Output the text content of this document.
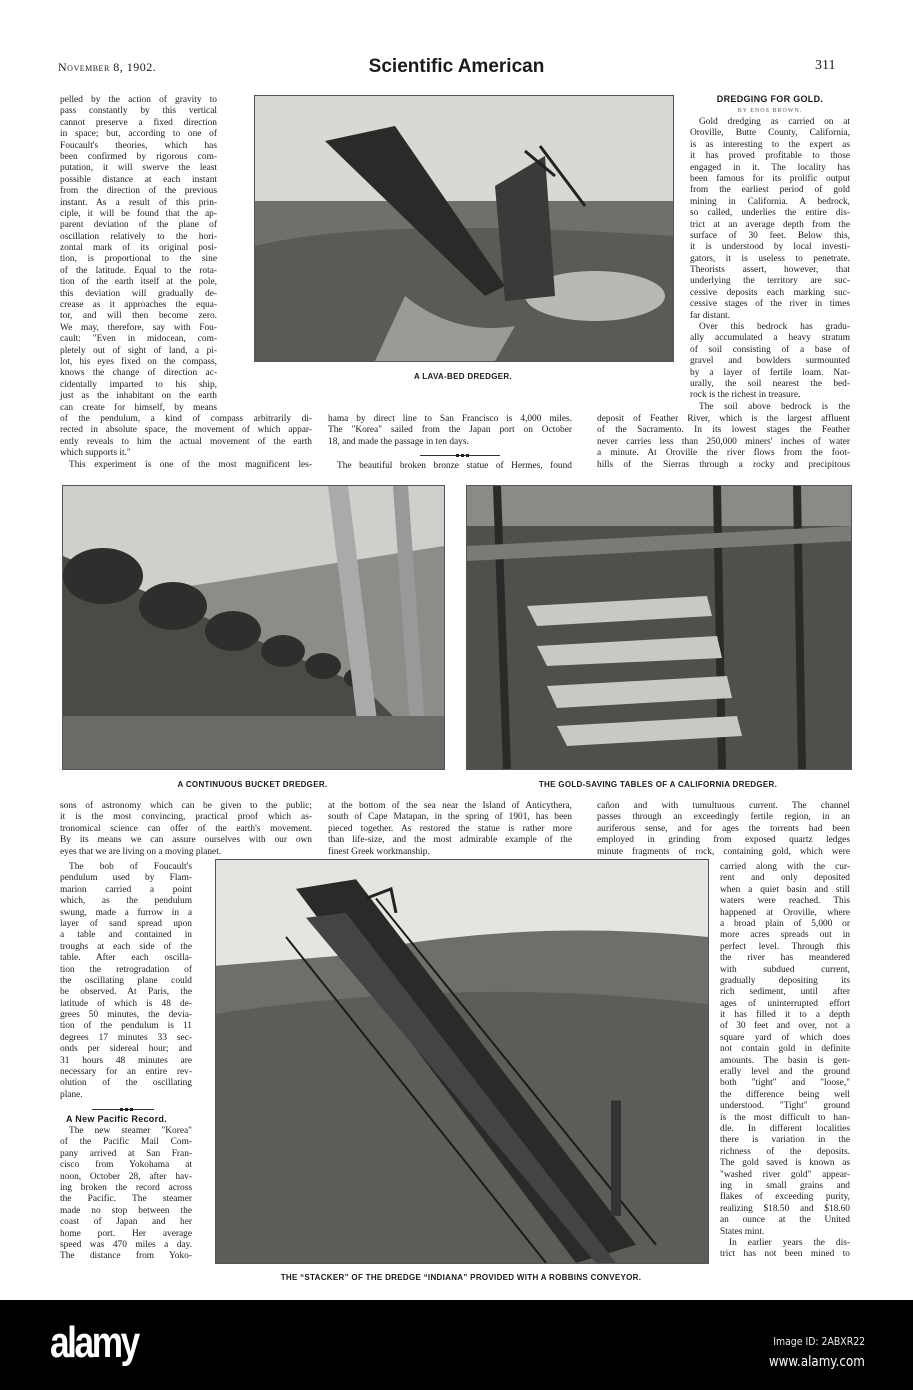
November 8, 1902.	Scientific American	311
pelled by the action of gravity to
pass constantly by this vertical
cannot preserve a fixed direction
in space; but, according to one of
Foucault's theories, which has
been confirmed by rigorous com-
putation, it will swerve the least
possible distance at each instant
from the direction of the previous
instant. As a result of this prin-
ciple, it will be found that the ap-
parent deviation of the plane of
oscillation relatively to the hori-
zontal mark of its original posi-
tion, is proportional to the sine
of the latitude. Equal to the rota-
tion of the earth itself at the pole,
this deviation will gradually de-
crease as it approaches the equa-
tor, and will then become zero.
We may, therefore, say with Fou-
cault: "Even in midocean, com-
pletely out of sight of land, a pi-
lot, his eyes fixed on the compass,
knows the change of direction ac-
cidentally imparted to his ship,
just as the inhabitant on the earth
can create for himself, by means
of the pendulum, a kind of compass arbitrarily di-
rected in absolute space, the movement of which appar-
ently reveals to him the actual movement of the earth
which supports it."
This experiment is one of the most magnificent les-
A LAVA-BED DREDGER.
hama by direct line to San Francisco is 4,000 miles.
The "Korea" sailed from the Japan port on October
18, and made the passage in ten days.
The beautiful broken bronze statue of Hermes, found
DREDGING FOR GOLD.
BY ENOS BROWN.
Gold dredging as carried on at
Oroville, Butte County, California,
is as interesting to the expert as
it has proved profitable to those
engaged in it. The locality has
been famous for its prolific output
from the earliest period of gold
mining in California. A bedrock,
so called, underlies the entire dis-
trict at an average depth from the
surface of 30 feet. Below this,
it is understood by local investi-
gators, it is useless to penetrate.
Theorists assert, however, that
underlying the territory are suc-
cessive deposits each marking suc-
cessive stages of the river in times
far distant.
Over this bedrock has gradu-
ally accumulated a heavy stratum
of soil consisting of a base of
gravel and bowlders surmounted
by a layer of fertile loam. Nat-
urally, the soil nearest the bed-
rock is the richest in treasure.
The soil above bedrock is the
deposit of Feather River, which is the largest affluent
of the Sacramento. In its lowest stages the Feather
never carries less than 250,000 miners' inches of water
a minute. At Oroville the river flows from the foot-
hills of the Sierras through a rocky and precipitous
A CONTINUOUS BUCKET DREDGER.	THE GOLD-SAVING TABLES OF A CALIFORNIA DREDGER.
sons of astronomy which can be given to the public;
it is the most convincing, practical proof which as-
tronomical science can offer of the earth's movement.
By its means we can assure ourselves with our own
eyes that we are living on a moving planet.
The bob of Foucault's
pendulum used by Flam-
marion carried a point
which, as the pendulum
swung, made a furrow in a
layer of sand spread upon
a table and contained in
troughs at each side of the
table. After each oscilla-
tion the retrogradation of
the oscillating plane could
be observed. At Paris, the
latitude of which is 48 de-
grees 50 minutes, the devia-
tion of the pendulum is 11
degrees 17 minutes 33 sec-
onds per sidereal hour; and
31 hours 48 minutes are
necessary for an entire rev-
olution of the oscillating
plane.
A New Pacific Record.
The new steamer "Korea"
of the Pacific Mail Com-
pany arrived at San Fran-
cisco from Yokohama at
noon, October 28, after hav-
ing broken the record across
the Pacific. The steamer
made no stop between the
coast of Japan and her
home port. Her average
speed was 470 miles a day.
The distance from Yoko-
at the bottom of the sea near the Island of Anticythera,
south of Cape Matapan, in the spring of 1901, has been
pieced together. As restored the statue is rather more
than life-size, and the most admirable example of the
finest Greek workmanship.
cañon and with tumultuous current. The channel
passes through an exceedingly fertile region, in an
auriferous sense, and for ages the torrents had been
employed in grinding from exposed quartz ledges
minute fragments of rock, containing gold, which were
carried along with the cur-
rent and only deposited
when a quiet basin and still
waters were reached. This
happened at Oroville, where
a broad plain of 5,000 or
more acres spreads out in
perfect level. Through this
the river has meandered
with subdued current,
gradually depositing its
rich sediment, until after
ages of uninterrupted effort
it has filled it to a depth
of 30 feet and over, not a
square yard of which does
not contain gold in definite
amounts. The basin is gen-
erally level and the ground
both "tight" and "loose,"
the difference being well
understood. "Tight" ground
is the most difficult to han-
dle. In different localities
there is variation in the
richness of the deposits.
The gold saved is known as
"washed river gold" appear-
ing in small grains and
flakes of exceeding purity,
realizing $18.50 and $18.60
an ounce at the United
States mint.
In earlier years the dis-
trict has not been mined to
THE “STACKER” OF THE DREDGE “INDIANA” PROVIDED WITH A ROBBINS CONVEYOR.
alamy	Image ID: 2ABXR22
www.alamy.com
